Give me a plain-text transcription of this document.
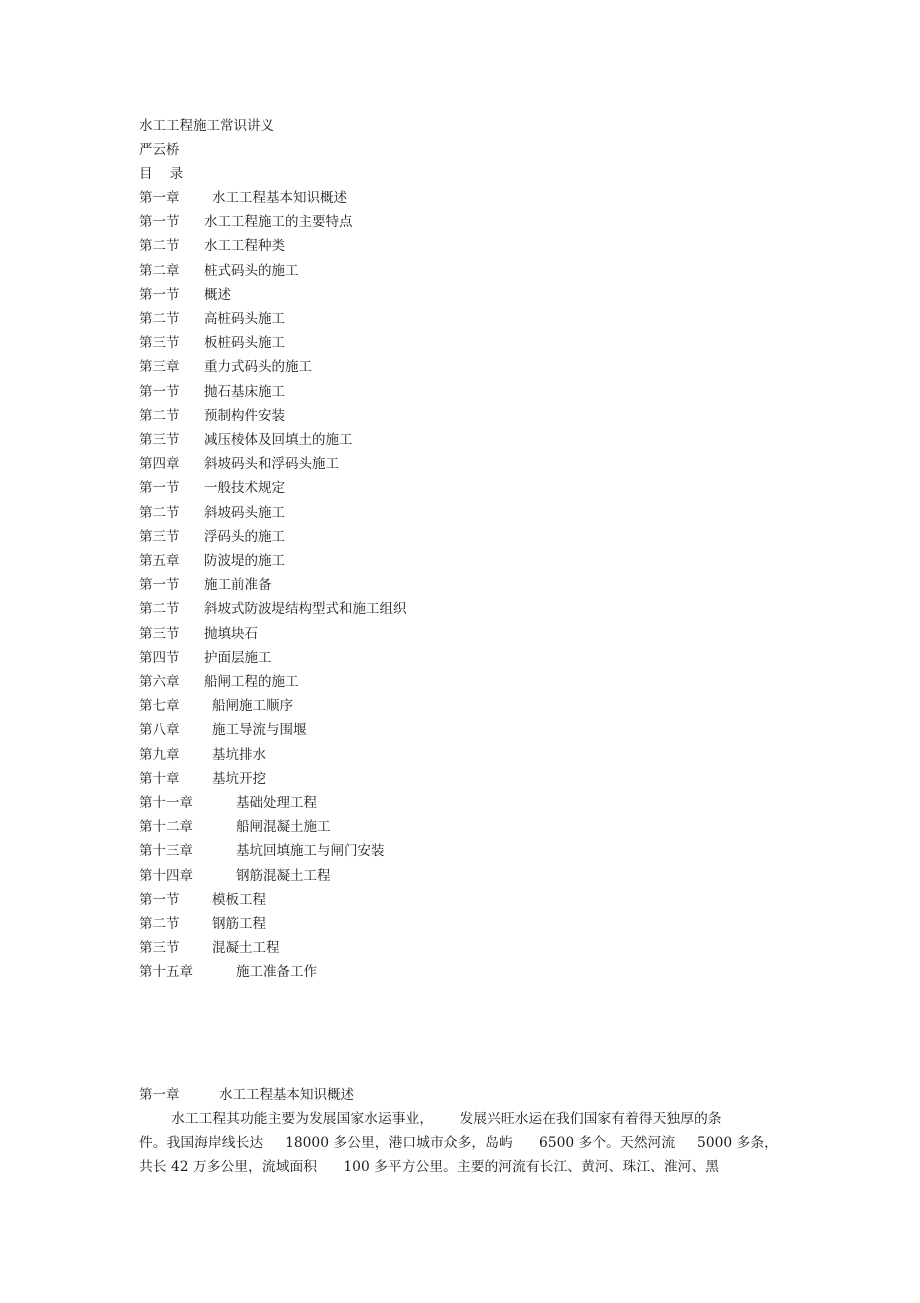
水工工程施工常识讲义
严云桥
目    录
第一章 水工工程基本知识概述
第一节 水工工程施工的主要特点
第二节 水工工程种类
第二章 桩式码头的施工
第一节 概述
第二节 高桩码头施工
第三节 板桩码头施工
第三章 重力式码头的施工
第一节 抛石基床施工
第二节 预制构件安装
第三节 减压棱体及回填土的施工
第四章 斜坡码头和浮码头施工
第一节 一般技术规定
第二节 斜坡码头施工
第三节 浮码头的施工
第五章 防波堤的施工
第一节 施工前准备
第二节 斜坡式防波堤结构型式和施工组织
第三节 抛填块石
第四节 护面层施工
第六章 船闸工程的施工
第七章 船闸施工顺序
第八章 施工导流与围堰
第九章 基坑排水
第十章 基坑开挖
第十一章	基础处理工程
第十二章	船闸混凝土施工
第十三章	基坑回填施工与闸门安装
第十四章	钢筋混凝土工程
第一节 模板工程
第二节 钢筋工程
第三节 混凝土工程
第十五章	施工准备工作
第一章	水工工程基本知识概述
水工工程其功能主要为发展国家水运事业，      发展兴旺水运在我们国家有着得天独厚的条
件。我国海岸线长达     18000 多公里，港口城市众多，岛屿      6500 多个。天然河流     5000 多条，
共长 42 万多公里，流域面积      100 多平方公里。主要的河流有长江、黄河、珠江、淮河、黑
